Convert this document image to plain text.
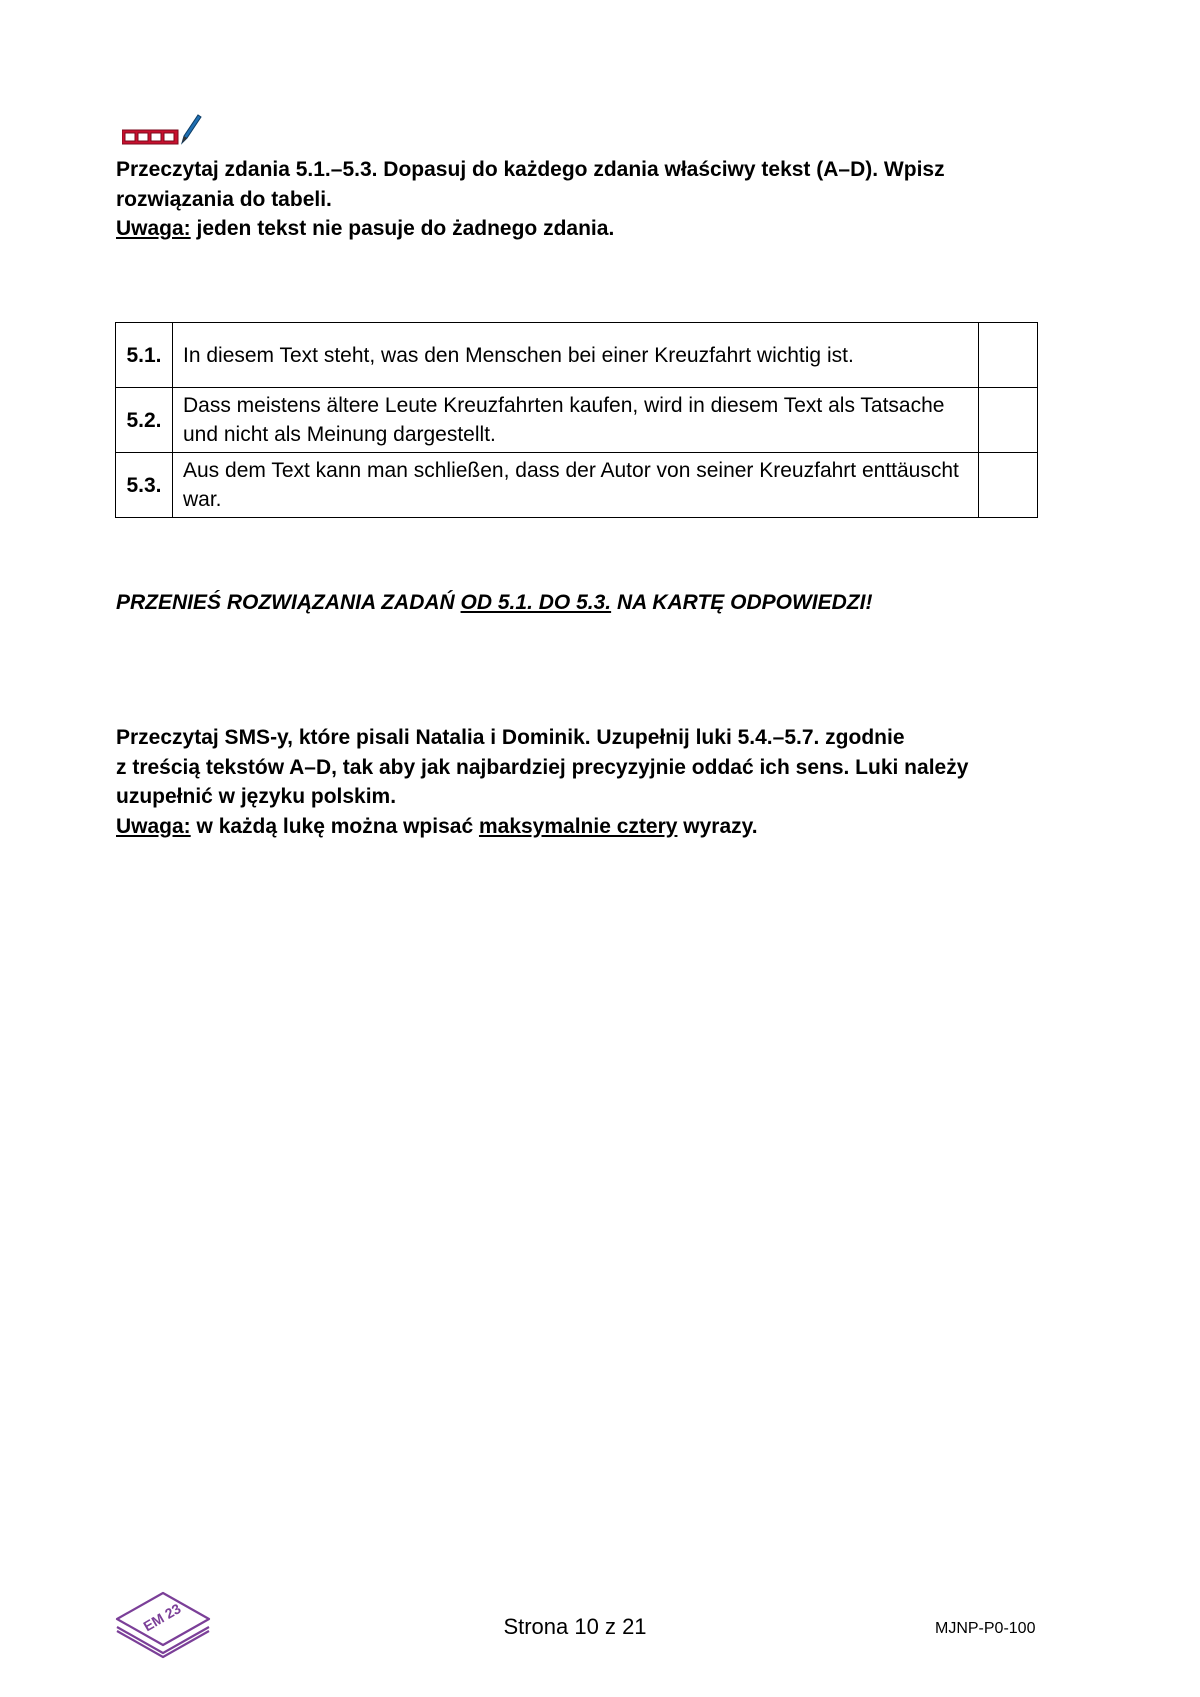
Przeczytaj zdania 5.1.–5.3. Dopasuj do każdego zdania właściwy tekst (A–D). Wpisz

rozwiązania do tabeli.

Uwaga: jeden tekst nie pasuje do żadnego zdania.

5.1.	In diesem Text steht, was den Menschen bei einer Kreuzfahrt wichtig ist.	
5.2.	Dass meistens ältere Leute Kreuzfahrten kaufen, wird in diesem Text als Tatsache und nicht als Meinung dargestellt.	
5.3.	Aus dem Text kann man schließen, dass der Autor von seiner Kreuzfahrt enttäuscht war.	
PRZENIEŚ ROZWIĄZANIA ZADAŃ OD 5.1. DO 5.3. NA KARTĘ ODPOWIEDZI!

Przeczytaj SMS-y, które pisali Natalia i Dominik. Uzupełnij luki 5.4.–5.7. zgodnie

z treścią tekstów A–D, tak aby jak najbardziej precyzyjnie oddać ich sens. Luki należy

uzupełnić w języku polskim.

Uwaga: w każdą lukę można wpisać maksymalnie cztery wyrazy.

EM 23	Strona 10 z 21	MJNP-P0-100
